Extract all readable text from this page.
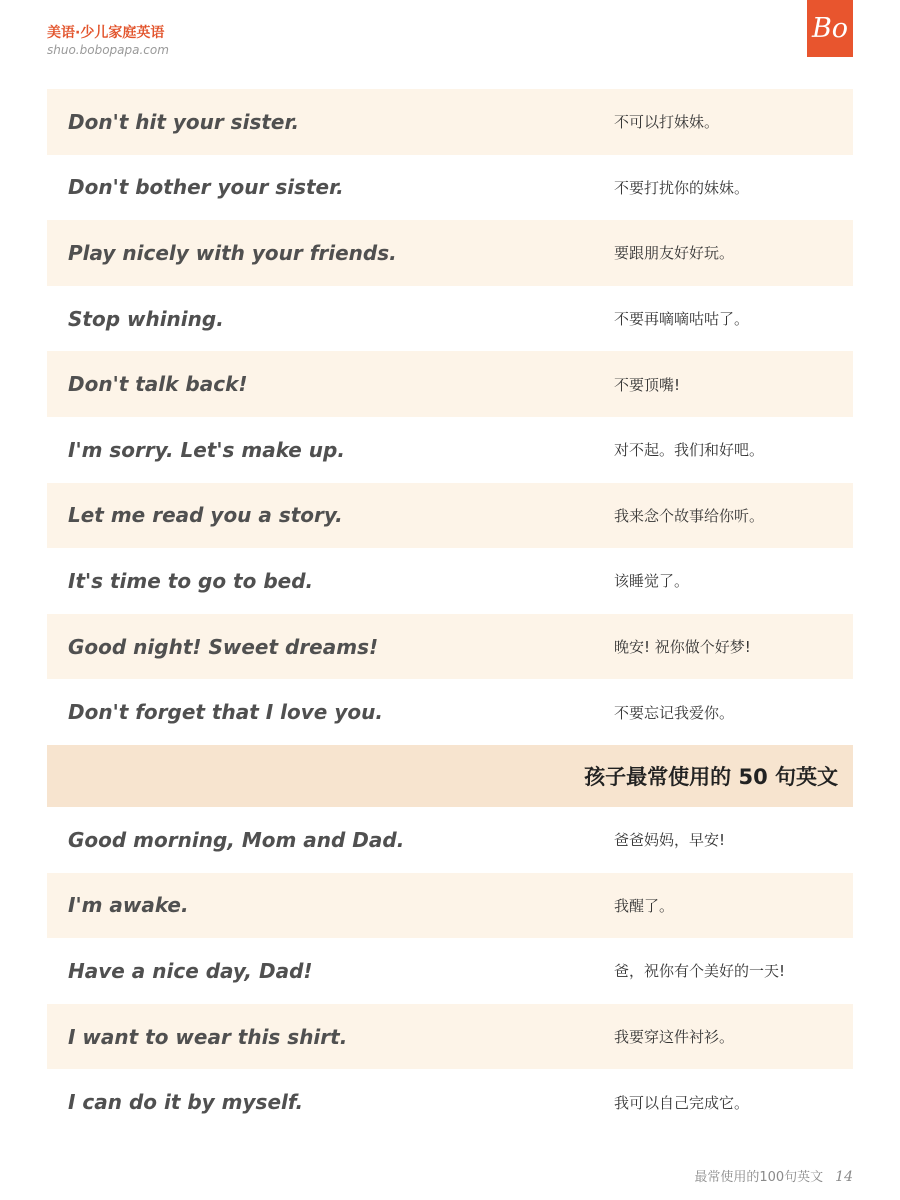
美语·少儿家庭英语
shuo.bobopapa.com
Bo
Don't hit your sister.	不可以打妹妹。
Don't bother your sister.	不要打扰你的妹妹。
Play nicely with your friends.	要跟朋友好好玩。
Stop whining.	不要再嘀嘀咕咕了。
Don't talk back!	不要顶嘴!
I'm sorry. Let's make up.	对不起。我们和好吧。
Let me read you a story.	我来念个故事给你听。
It's time to go to bed.	该睡觉了。
Good night! Sweet dreams!	晚安! 祝你做个好梦!
Don't forget that I love you.	不要忘记我爱你。
孩子最常使用的 50 句英文
Good morning, Mom and Dad.	爸爸妈妈，早安!
I'm awake.	我醒了。
Have a nice day, Dad!	爸，祝你有个美好的一天!
I want to wear this shirt.	我要穿这件衬衫。
I can do it by myself.	我可以自己完成它。
最常使用的100句英文 14
